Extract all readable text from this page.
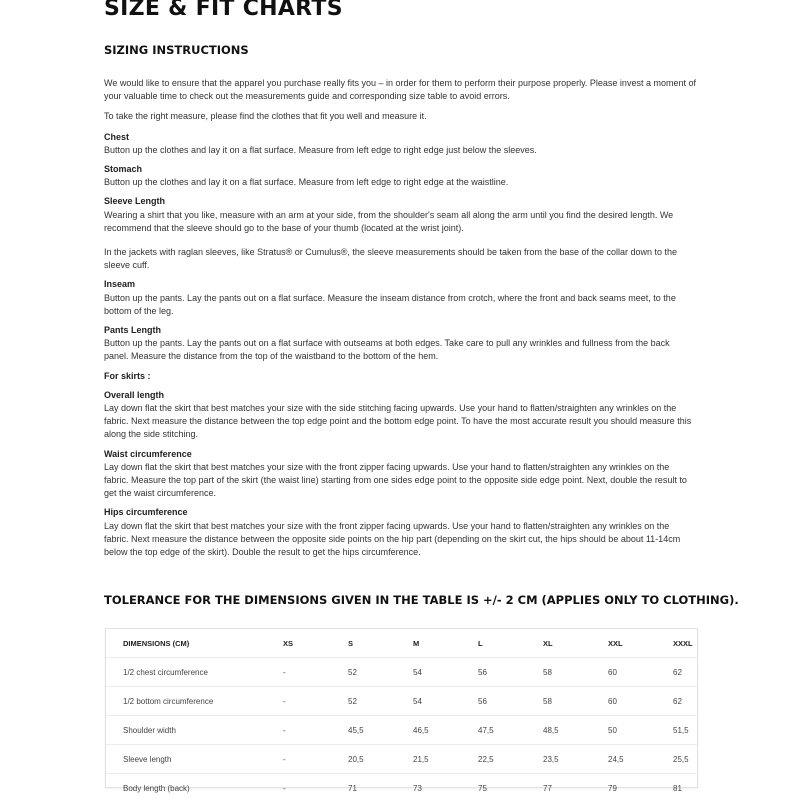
SIZE & FIT CHARTS
SIZING INSTRUCTIONS

We would like to ensure that the apparel you purchase really fits you – in order for them to perform their purpose properly. Please invest a moment of your valuable time to check out the measurements guide and corresponding size table to avoid errors.

To take the right measure, please find the clothes that fit you well and measure it.

Chest
Button up the clothes and lay it on a flat surface. Measure from left edge to right edge just below the sleeves.
Stomach
Button up the clothes and lay it on a flat surface. Measure from left edge to right edge at the waistline.
Sleeve Length
Wearing a shirt that you like, measure with an arm at your side, from the shoulder's seam all along the arm until you find the desired length. We recommend that the sleeve should go to the base of your thumb (located at the wrist joint).
In the jackets with raglan sleeves, like Stratus® or Cumulus®, the sleeve measurements should be taken from the base of the collar down to the sleeve cuff.
Inseam
Button up the pants. Lay the pants out on a flat surface. Measure the inseam distance from crotch, where the front and back seams meet, to the bottom of the leg.
Pants Length
Button up the pants. Lay the pants out on a flat surface with outseams at both edges. Take care to pull any wrinkles and fullness from the back panel. Measure the distance from the top of the waistband to the bottom of the hem.
For skirts :
Overall length
Lay down flat the skirt that best matches your size with the side stitching facing upwards. Use your hand to flatten/straighten any wrinkles on the fabric. Next measure the distance between the top edge point and the bottom edge point. To have the most accurate result you should measure this along the side stitching.
Waist circumference
Lay down flat the skirt that best matches your size with the front zipper facing upwards. Use your hand to flatten/straighten any wrinkles on the fabric. Measure the top part of the skirt (the waist line) starting from one sides edge point to the opposite side edge point. Next, double the result to get the waist circumference.
Hips circumference
Lay down flat the skirt that best matches your size with the front zipper facing upwards. Use your hand to flatten/straighten any wrinkles on the fabric. Next measure the distance between the opposite side points on the hip part (depending on the skirt cut, the hips should be about 11-14cm below the top edge of the skirt). Double the result to get the hips circumference.
TOLERANCE FOR THE DIMENSIONS GIVEN IN THE TABLE IS +/- 2 CM (APPLIES ONLY TO CLOTHING).
DIMENSIONS (CM)	XS	S	M	L	XL	XXL	XXXL
1/2 chest circumference	-	52	54	56	58	60	62
1/2 bottom circumference	-	52	54	56	58	60	62
Shoulder width	-	45,5	46,5	47,5	48,5	50	51,5
Sleeve length	-	20,5	21,5	22,5	23,5	24,5	25,5
Body length (back)	-	71	73	75	77	79	81
